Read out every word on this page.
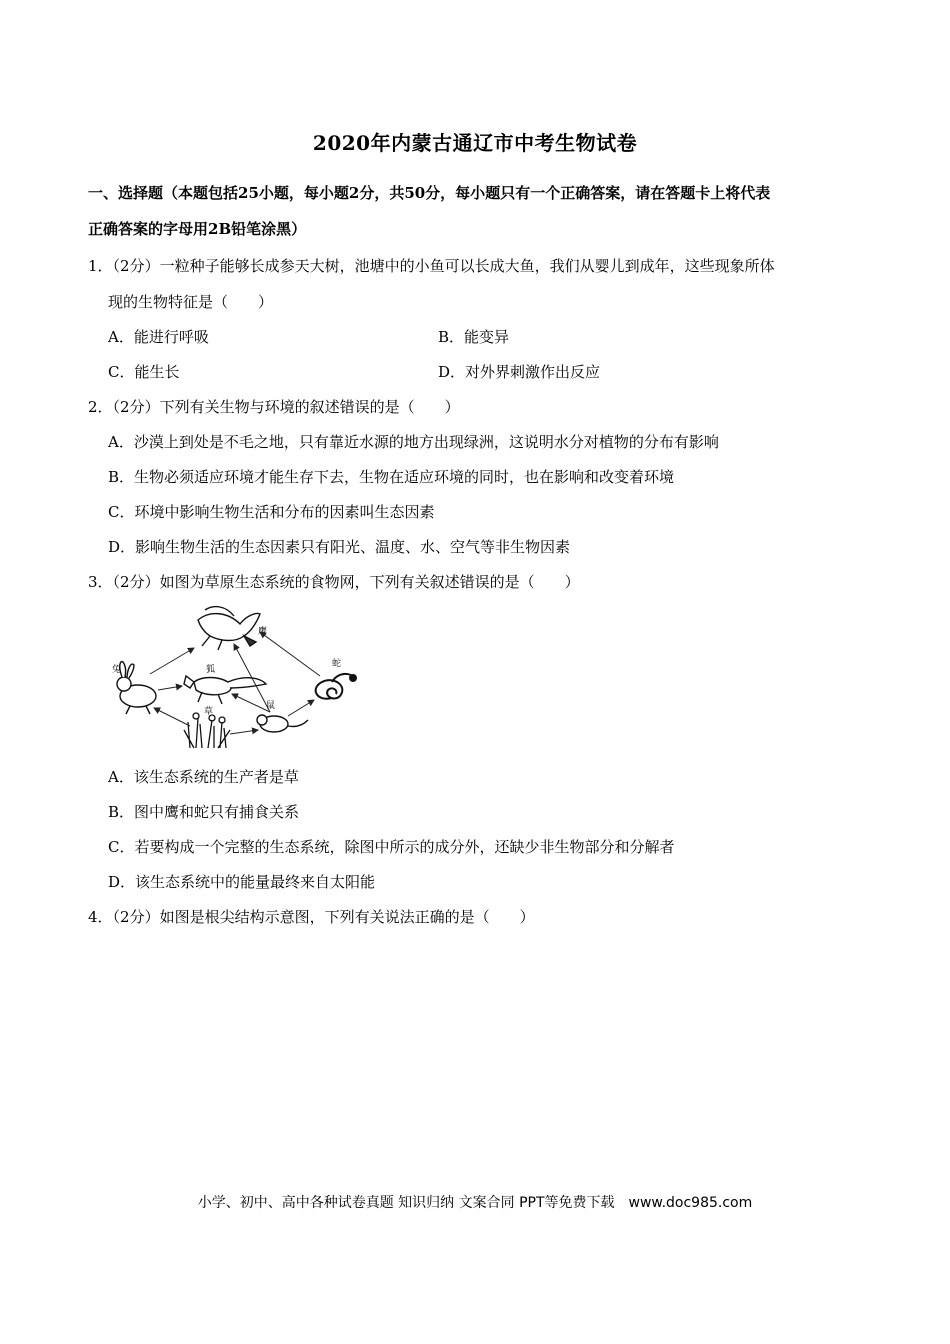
2020年内蒙古通辽市中考生物试卷
一、选择题（本题包括25小题，每小题2分，共50分，每小题只有一个正确答案，请在答题卡上将代表
正确答案的字母用2B铅笔涂黑）
1．（2分）一粒种子能够长成参天大树，池塘中的小鱼可以长成大鱼，我们从婴儿到成年，这些现象所体
现的生物特征是（　　）
A．能进行呼吸	B．能变异
C．能生长	D．对外界刺激作出反应
2．（2分）下列有关生物与环境的叙述错误的是（　　）
A．沙漠上到处是不毛之地，只有靠近水源的地方出现绿洲，这说明水分对植物的分布有影响
B．生物必须适应环境才能生存下去，生物在适应环境的同时，也在影响和改变着环境
C．环境中影响生物生活和分布的因素叫生态因素
D．影响生物生活的生态因素只有阳光、温度、水、空气等非生物因素
3．（2分）如图为草原生态系统的食物网，下列有关叙述错误的是（　　）
鹰
兔	狐
蛇
草
鼠
A．该生态系统的生产者是草
B．图中鹰和蛇只有捕食关系
C．若要构成一个完整的生态系统，除图中所示的成分外，还缺少非生物部分和分解者
D．该生态系统中的能量最终来自太阳能
4．（2分）如图是根尖结构示意图，下列有关说法正确的是（　　）
小学、初中、高中各种试卷真题 知识归纳 文案合同 PPT等免费下载　www.doc985.com
